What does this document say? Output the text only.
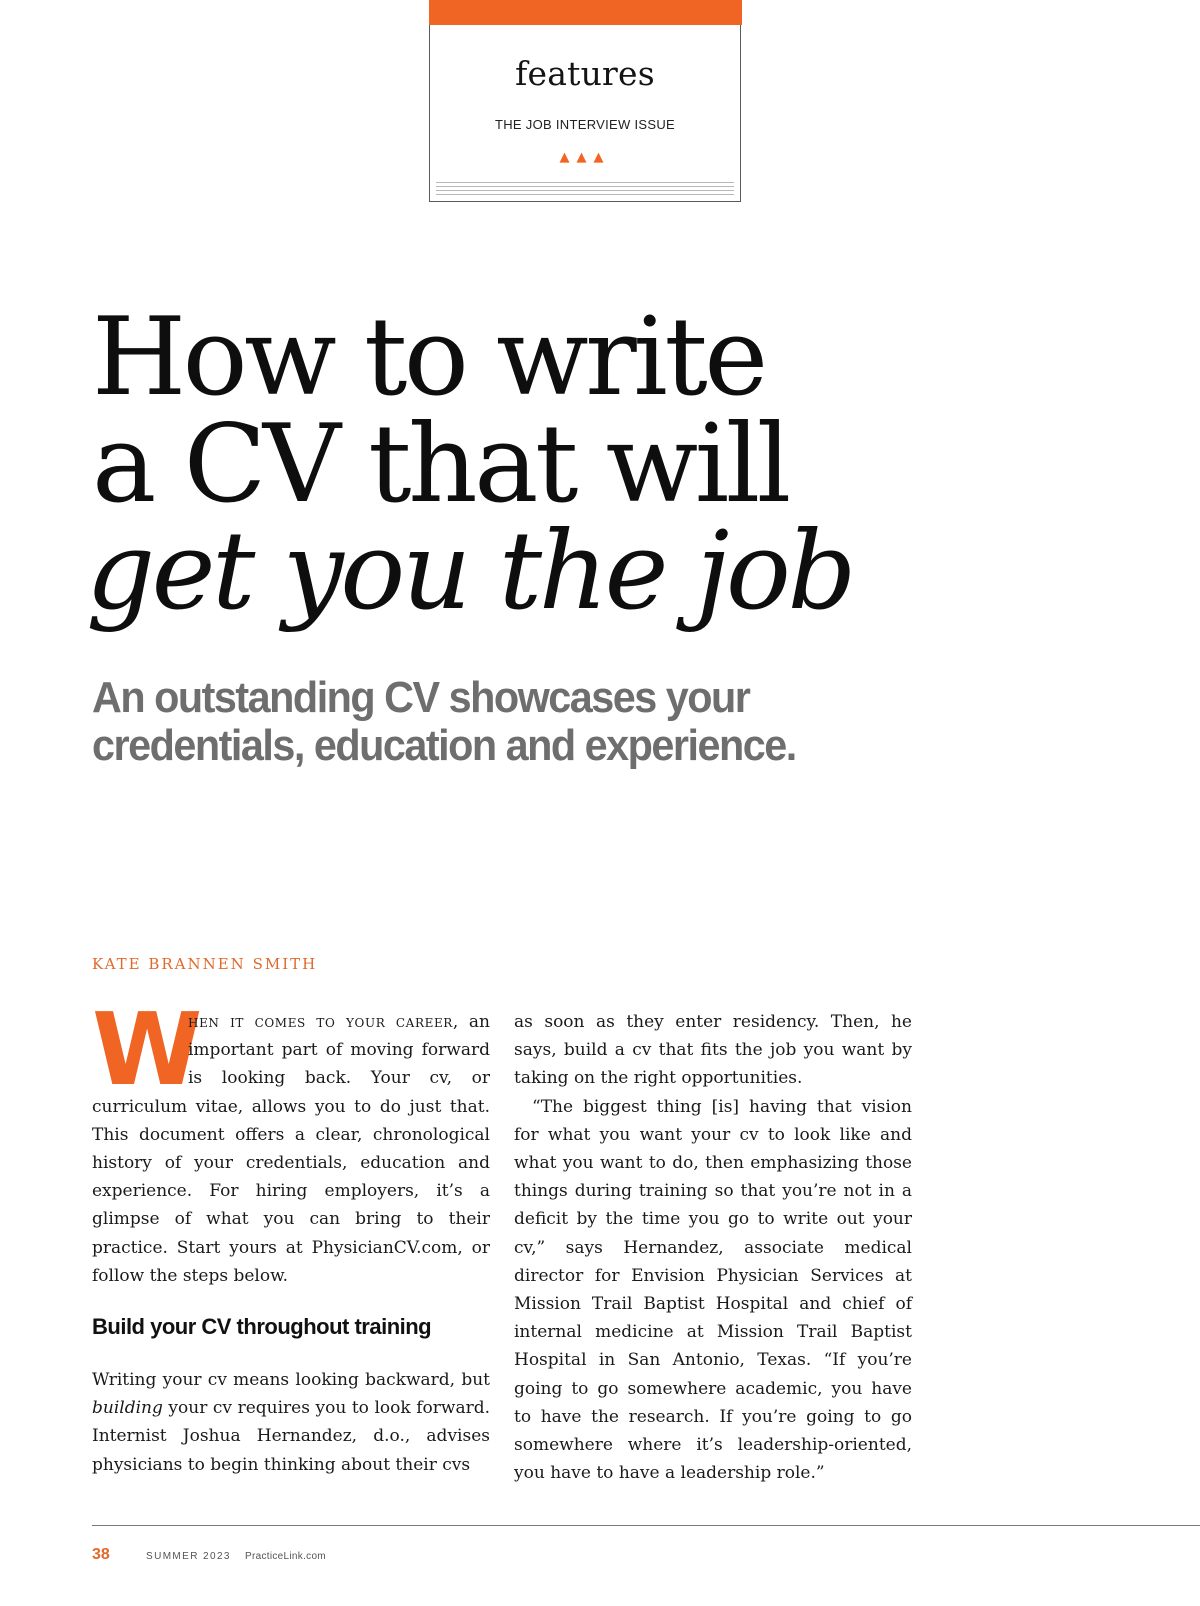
features
THE JOB INTERVIEW ISSUE
▲▲▲
How to write
a CV that will
get you the job
An outstanding CV showcases your
credentials, education and experience.
KATE BRANNEN SMITH
W

hen it comes to your career, an important part of moving forward is looking back. Your cv, or curriculum vitae, allows you to do just that. This document offers a clear, chronological history of your credentials, education and experience. For hiring employers, it’s a glimpse of what you can bring to their practice. Start yours at PhysicianCV.com, or follow the steps below.

Build your CV throughout training

Writing your cv means looking backward, but building your cv requires you to look forward. Internist Joshua Hernandez, d.o., advises physicians to begin thinking about their cvs

as soon as they enter residency. Then, he says, build a cv that fits the job you want by taking on the right opportunities.

“The biggest thing [is] having that vision for what you want your cv to look like and what you want to do, then emphasizing those things during training so that you’re not in a deficit by the time you go to write out your cv,” says Hernandez, associate medical director for Envision Physician Services at Mission Trail Baptist Hospital and chief of internal medicine at Mission Trail Baptist Hospital in San Antonio, Texas. “If you’re going to go somewhere academic, you have to have the research. If you’re going to go somewhere where it’s leadership-oriented, you have to have a leadership role.”

38	SUMMER 2023 PracticeLink.com
